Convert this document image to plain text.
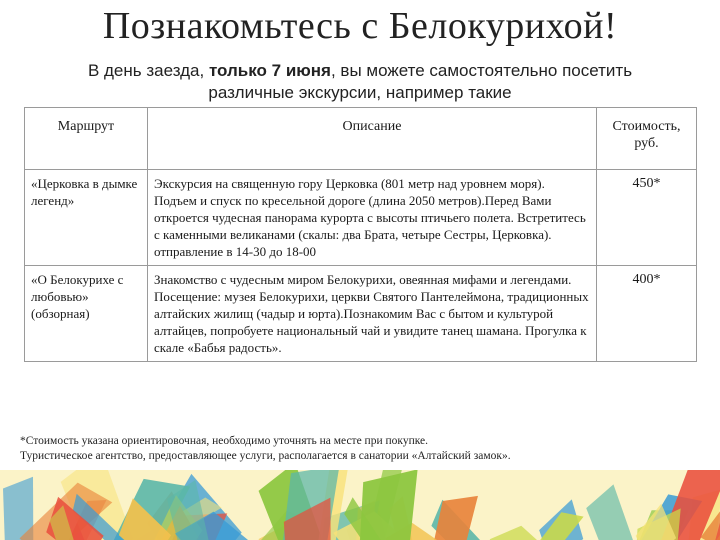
Познакомьтесь с Белокурихой!
В день заезда, только 7 июня, вы можете самостоятельно посетить различные экскурсии, например такие
Маршрут	Описание	Стоимость, руб.
«Церковка в дымке легенд»	Экскурсия на священную гору Церковка (801 метр над уровнем моря). Подъем и спуск по кресельной дороге (длина 2050 метров).Перед Вами откроется чудесная панорама курорта с высоты птичьего полета. Встретитесь с каменными великанами (скалы: два Брата, четыре Сестры, Церковка). отправление в 14-30 до 18-00	450*
«О Белокурихе с любовью» (обзорная)	Знакомство с чудесным миром Белокурихи, овеянная мифами и легендами. Посещение: музея Белокурихи, церкви Святого Пантелеймона, традиционных алтайских жилищ (чадыр и юрта).Познакомим Вас с бытом и культурой алтайцев, попробуете национальный чай и увидите танец шамана. Прогулка к скале «Бабья радость».	400*
*Стоимость указана ориентировочная, необходимо уточнять на месте при покупке.
Туристическое агентство, предоставляющее услуги, располагается в санатории «Алтайский замок».
